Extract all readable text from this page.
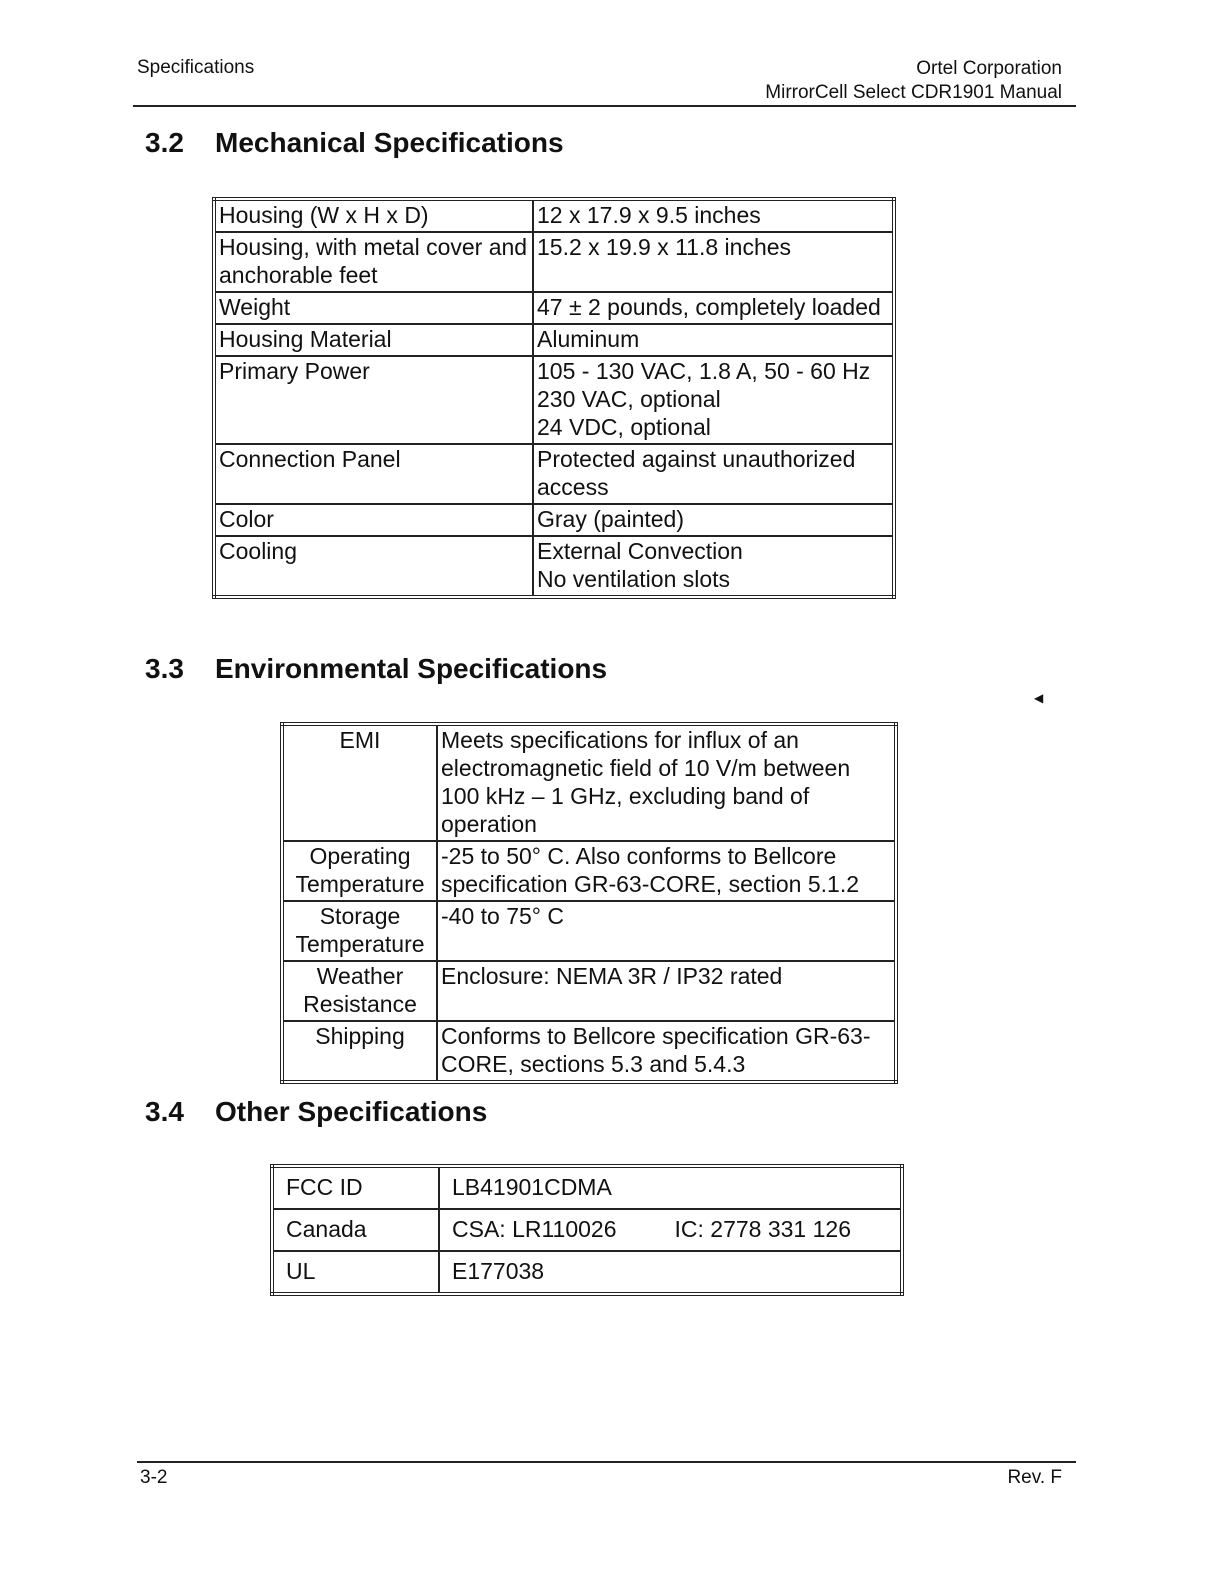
Specifications	Ortel Corporation
MirrorCell Select CDR1901 Manual
3.2 Mechanical Specifications
Housing (W x H x D)	12 x 17.9 x 9.5 inches

Housing, with metal cover and anchorable feet	15.2 x 19.9 x 11.8 inches

Weight	47 ± 2 pounds, completely loaded

Housing Material	Aluminum

Primary Power	105 - 130 VAC, 1.8 A, 50 - 60 Hz
230 VAC, optional
24 VDC, optional

Connection Panel	Protected against unauthorized access

Color	Gray (painted)

Cooling	External Convection
No ventilation slots
3.3 Environmental Specifications
◀
EMI	Meets specifications for influx of an electromagnetic field of 10 V/m between 100 kHz – 1 GHz, excluding band of operation

Operating
Temperature	-25 to 50° C. Also conforms to Bellcore specification GR-63-CORE, section 5.1.2

Storage
Temperature	-40 to 75° C

Weather
Resistance	Enclosure: NEMA 3R / IP32 rated

Shipping	Conforms to Bellcore specification GR-63-CORE, sections 5.3 and 5.4.3
3.4 Other Specifications
FCC ID	LB41901CDMA
Canada	CSA: LR110026 IC: 2778 331 126
UL	E177038
3-2	Rev. F
